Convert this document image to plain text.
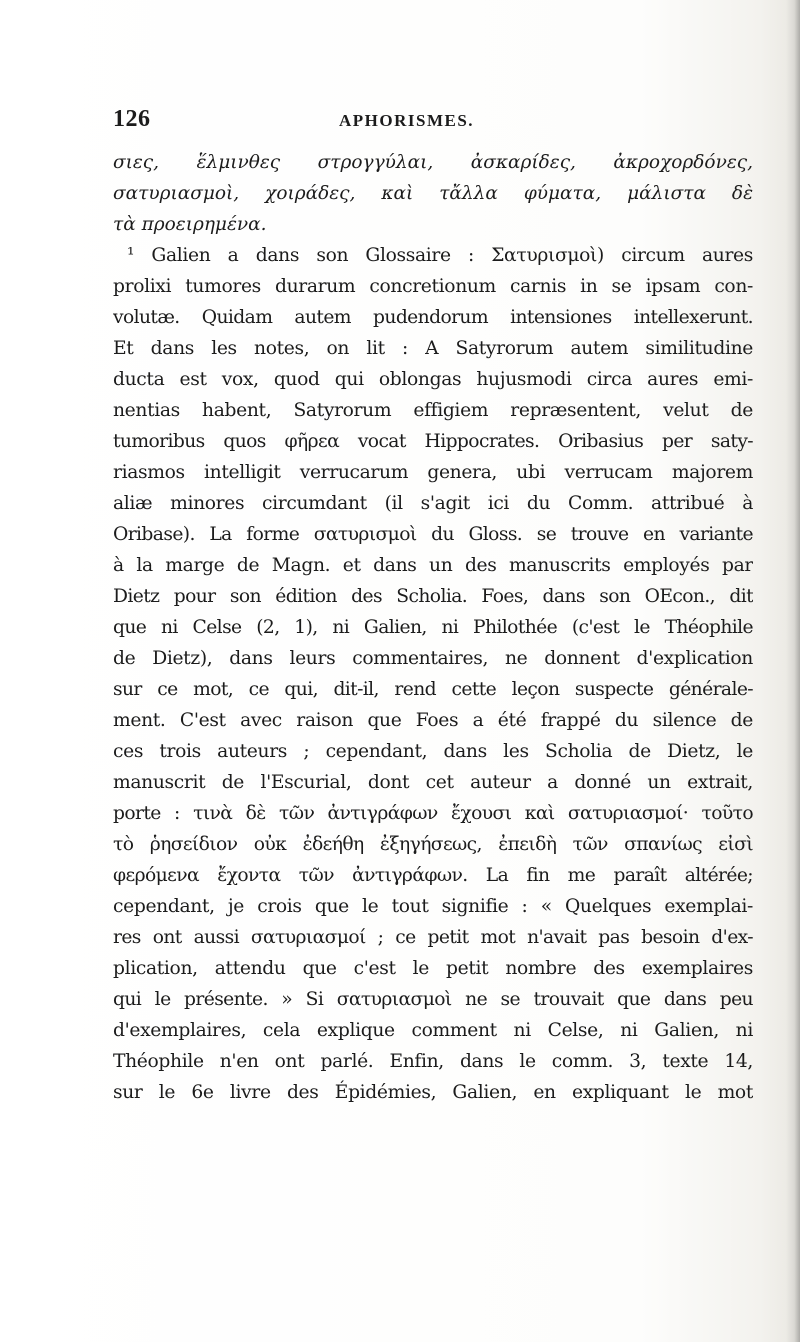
126	APHORISMES.
σιες, ἕλμινθες στρογγύλαι, ἀσκαρίδες, ἀκροχορδόνες,
σατυριασμοὶ, χοιράδες, καὶ τἄλλα φύματα, μάλιστα δὲ
τὰ προειρημένα.
¹ Galien a dans son Glossaire : Σατυρισμοὶ) circum aures
prolixi tumores durarum concretionum carnis in se ipsam con-
volutæ. Quidam autem pudendorum intensiones intellexerunt.
Et dans les notes, on lit : A Satyrorum autem similitudine
ducta est vox, quod qui oblongas hujusmodi circa aures emi-
nentias habent, Satyrorum effigiem repræsentent, velut de
tumoribus quos φῆρεα vocat Hippocrates. Oribasius per saty-
riasmos intelligit verrucarum genera, ubi verrucam majorem
aliæ minores circumdant (il s'agit ici du Comm. attribué à
Oribase). La forme σατυρισμοὶ du Gloss. se trouve en variante
à la marge de Magn. et dans un des manuscrits employés par
Dietz pour son édition des Scholia. Foes, dans son OEcon., dit
que ni Celse (2, 1), ni Galien, ni Philothée (c'est le Théophile
de Dietz), dans leurs commentaires, ne donnent d'explication
sur ce mot, ce qui, dit-il, rend cette leçon suspecte générale-
ment. C'est avec raison que Foes a été frappé du silence de
ces trois auteurs ; cependant, dans les Scholia de Dietz, le
manuscrit de l'Escurial, dont cet auteur a donné un extrait,
porte : τινὰ δὲ τῶν ἀντιγράφων ἔχουσι καὶ σατυριασμοί· τοῦτο
τὸ ῥησείδιον οὐκ ἐδεήθη ἐξηγήσεως, ἐπειδὴ τῶν σπανίως εἰσὶ
φερόμενα ἔχοντα τῶν ἀντιγράφων. La fin me paraît altérée;
cependant, je crois que le tout signifie : « Quelques exemplai-
res ont aussi σατυριασμοί ; ce petit mot n'avait pas besoin d'ex-
plication, attendu que c'est le petit nombre des exemplaires
qui le présente. » Si σατυριασμοὶ ne se trouvait que dans peu
d'exemplaires, cela explique comment ni Celse, ni Galien, ni
Théophile n'en ont parlé. Enfin, dans le comm. 3, texte 14,
sur le 6e livre des Épidémies, Galien, en expliquant le mot
